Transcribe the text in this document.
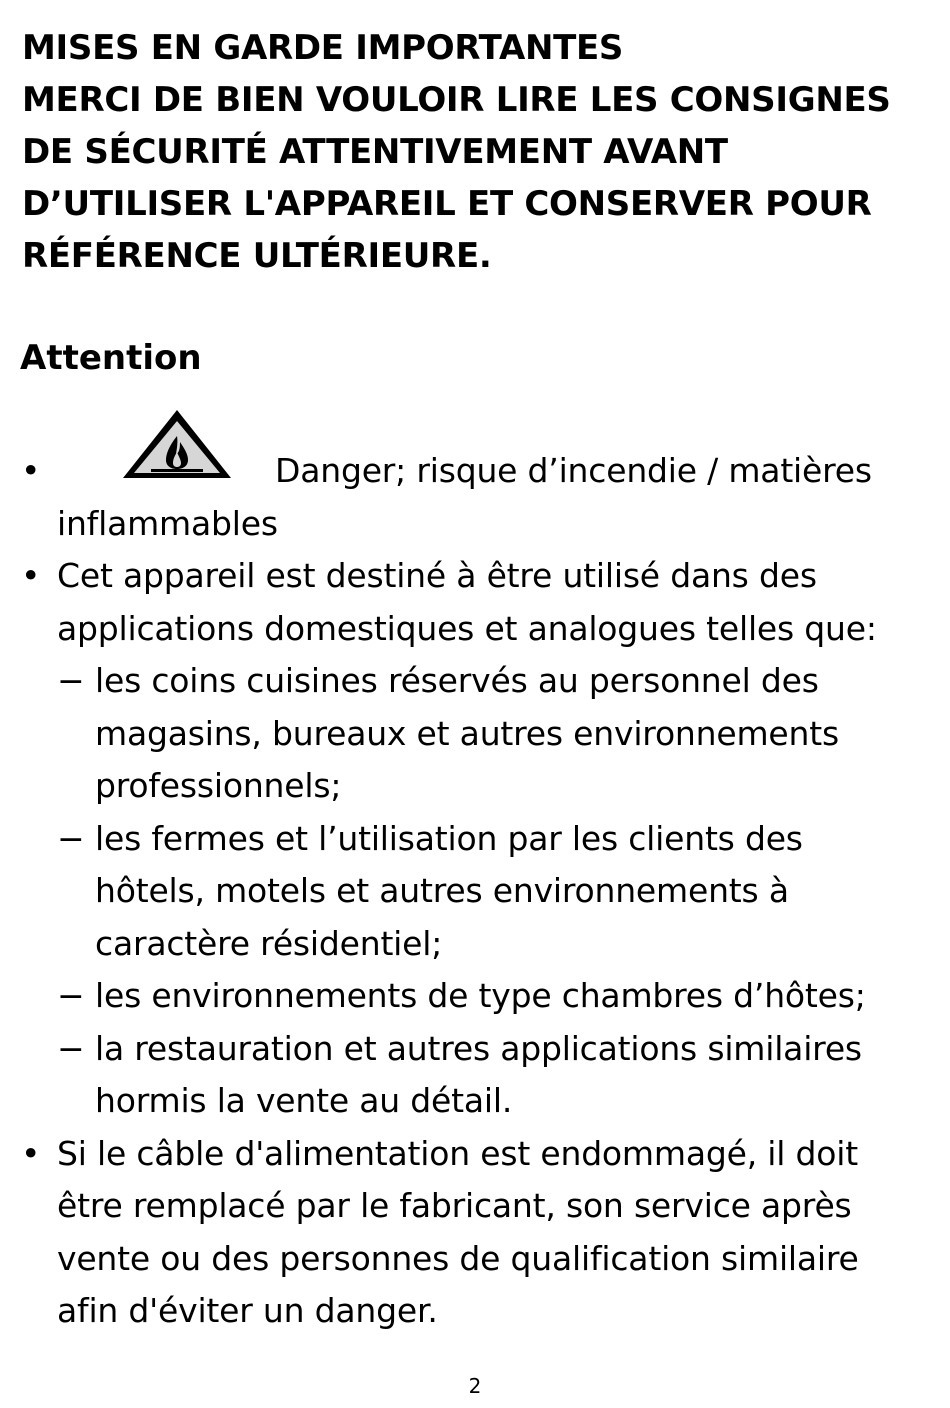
MISES EN GARDE IMPORTANTES
MERCI DE BIEN VOULOIR LIRE LES CONSIGNES
DE SÉCURITÉ ATTENTIVEMENT AVANT
D’UTILISER L'APPAREIL ET CONSERVER POUR
RÉFÉRENCE ULTÉRIEURE.
Attention
•	Danger; risque d’incendie / matières
inflammables
• Cet appareil est destiné à être utilisé dans des
applications domestiques et analogues telles que:
− les coins cuisines réservés au personnel des
magasins, bureaux et autres environnements
professionnels;
− les fermes et l’utilisation par les clients des
hôtels, motels et autres environnements à
caractère résidentiel;
− les environnements de type chambres d’hôtes;
− la restauration et autres applications similaires
hormis la vente au détail.
• Si le câble d'alimentation est endommagé, il doit
être remplacé par le fabricant, son service après
vente ou des personnes de qualification similaire
afin d'éviter un danger.
2
